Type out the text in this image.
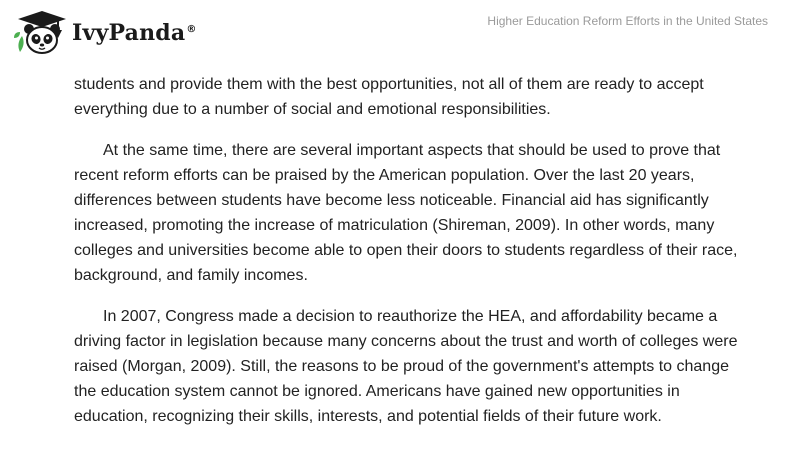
IvyPanda®
Higher Education Reform Efforts in the United States

students and provide them with the best opportunities, not all of them are ready to accept everything due to a number of social and emotional responsibilities.

At the same time, there are several important aspects that should be used to prove that recent reform efforts can be praised by the American population. Over the last 20 years, differences between students have become less noticeable. Financial aid has significantly increased, promoting the increase of matriculation (Shireman, 2009). In other words, many colleges and universities become able to open their doors to students regardless of their race, background, and family incomes.

In 2007, Congress made a decision to reauthorize the HEA, and affordability became a driving factor in legislation because many concerns about the trust and worth of colleges were raised (Morgan, 2009). Still, the reasons to be proud of the government's attempts to change the education system cannot be ignored. Americans have gained new opportunities in education, recognizing their skills, interests, and potential fields of their future work.
